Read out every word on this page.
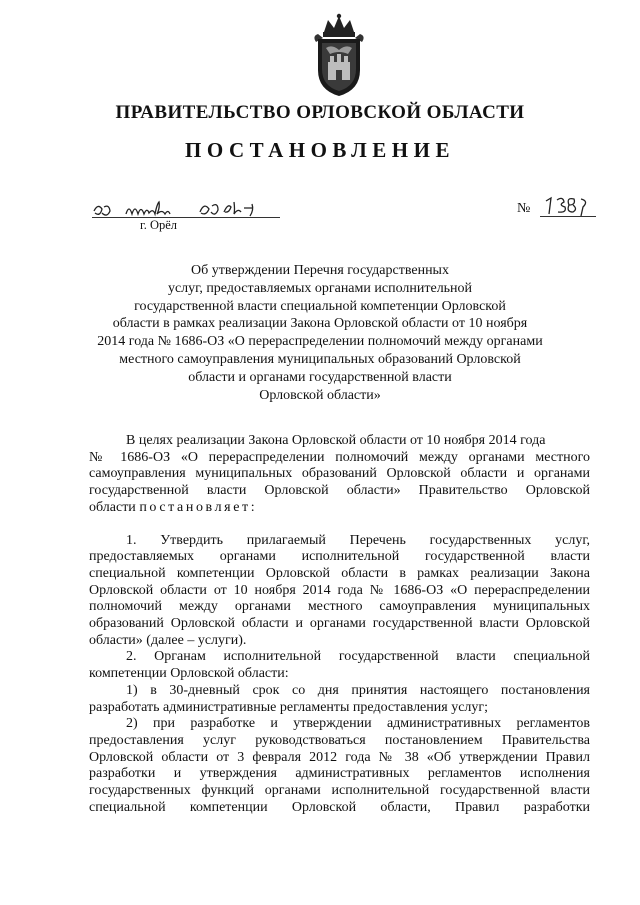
ПРАВИТЕЛЬСТВО ОРЛОВСКОЙ ОБЛАСТИ
ПОСТАНОВЛЕНИЕ
г. Орёл
№
Об утверждении Перечня государственных
услуг, предоставляемых органами исполнительной
государственной власти специальной компетенции Орловской
области в рамках реализации Закона Орловской области от 10 ноября
2014 года № 1686-ОЗ «О перераспределении полномочий между органами
местного самоуправления муниципальных образований Орловской
области и органами государственной власти
Орловской области»
В целях реализации Закона Орловской области от 10 ноября 2014 года
№ 1686-ОЗ «О перераспределении полномочий между органами местного
самоуправления муниципальных образований Орловской области и органами
государственной власти Орловской области» Правительство Орловской
области постановляет:
1. Утвердить прилагаемый Перечень государственных услуг,
предоставляемых органами исполнительной государственной власти
специальной компетенции Орловской области в рамках реализации Закона
Орловской области от 10 ноября 2014 года № 1686-ОЗ «О перераспределении
полномочий между органами местного самоуправления муниципальных
образований Орловской области и органами государственной власти Орловской
области» (далее – услуги).
2. Органам исполнительной государственной власти специальной
компетенции Орловской области:
1) в 30-дневный срок со дня принятия настоящего постановления
разработать административные регламенты предоставления услуг;
2) при разработке и утверждении административных регламентов
предоставления услуг руководствоваться постановлением Правительства
Орловской области от 3 февраля 2012 года № 38 «Об утверждении Правил
разработки и утверждения административных регламентов исполнения
государственных функций органами исполнительной государственной власти
специальной компетенции Орловской области, Правил разработки
